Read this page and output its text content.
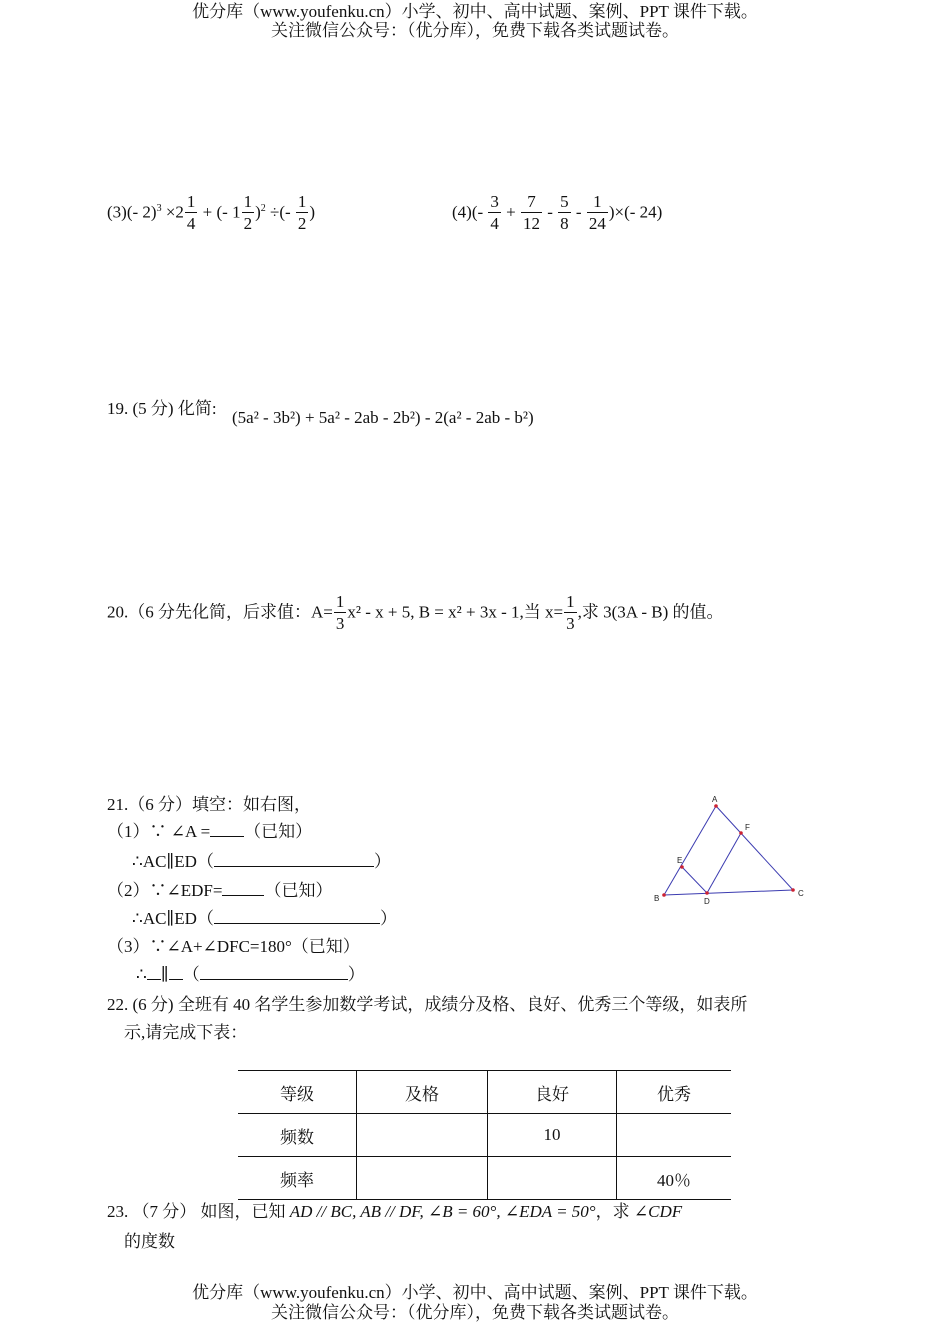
优分库（www.youfenku.cn）小学、初中、高中试题、案例、PPT 课件下载。
关注微信公众号：（优分库），免费下载各类试题试卷。
(3)(- $2)^3 \times 2 \frac{1}{4}$ + (- $1 \frac{1}{2} )^2$ ÷(- $\frac{1}{2}$ )	$(4)(- \frac{3}{4} + \frac{7}{12} - \frac{5}{8} - \frac{1}{24}$ )×(- 24)
19. (5 分) 化简: (5a² - 3b²) + 5a² - 2ab - 2b²) - 2(a² - 2ab - b²)
20.（6 分先化简，后求值：$A= \frac{1}{3} x^2 - x + 5$, B = x² + 3x - 1,当 $x= \frac{1}{3}$ ,求 3(3A - B) 的值。
21.（6 分）填空：如右图，
（1）∵ ∠A = （已知）
∴AC∥ED（	）
（2）∵∠EDF= （已知）
∴AC∥ED（	）
（3）∵∠A+∠DFC=180°（已知）
∴ ∥ （	）
A
B
C
D
E
F
22. (6 分) 全班有 40 名学生参加数学考试，成绩分及格、良好、优秀三个等级，如表所
示,请完成下表：
等级	及格	良好	优秀
频数		10	
频率			40％
23. （7 分） 如图，已知 AD // BC, AB // DF, ∠B = 60°, ∠EDA = 50°，求 ∠CDF
的度数
优分库（www.youfenku.cn）小学、初中、高中试题、案例、PPT 课件下载。
关注微信公众号：（优分库），免费下载各类试题试卷。
